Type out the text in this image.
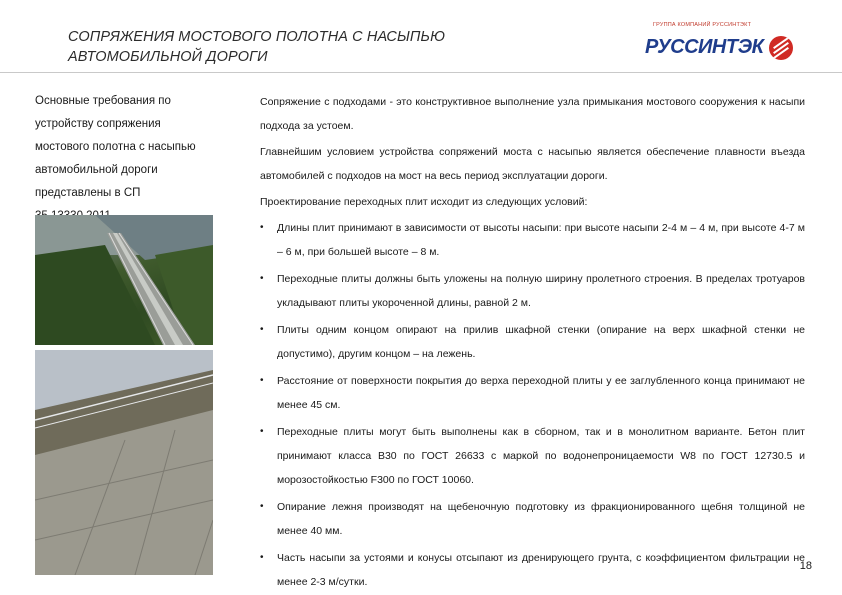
СОПРЯЖЕНИЯ МОСТОВОГО ПОЛОТНА С НАСЫПЬЮ
АВТОМОБИЛЬНОЙ ДОРОГИ
ГРУППА КОМПАНИЙ РУССИНТЭКТ
РУССИНТЭК

Основные требования по

устройству сопряжения

мостового полотна с насыпью

автомобильной дороги

представлены в СП

Сопряжение с подходами - это конструктивное выполнение узла примыкания мостового сооружения к насыпи подхода за устоем.

Главнейшим условием устройства сопряжений моста с насыпью является обеспечение плавности въезда автомобилей с подходов на мост на весь период эксплуатации дороги.

Проектирование переходных плит исходит из следующих условий:

• Длины плит принимают в зависимости от высоты насыпи: при высоте насыпи 2-4 м – 4 м, при высоте 4-7 м – 6 м, при большей высоте – 8 м.
• Переходные плиты должны быть уложены на полную ширину пролетного строения. В пределах тротуаров укладывают плиты укороченной длины, равной 2 м.
• Плиты одним концом опирают на прилив шкафной стенки (опирание на верх шкафной стенки не допустимо), другим концом – на лежень.
• Расстояние от поверхности покрытия до верха переходной плиты у ее заглубленного конца принимают не менее 45 см.
• Переходные плиты могут быть выполнены как в сборном, так и в монолитном варианте. Бетон плит принимают класса В30 по ГОСТ 26633 с маркой по водонепроницаемости W8 по ГОСТ 12730.5 и морозостойкостью F300 по ГОСТ 10060.
• Опирание лежня производят на щебеночную подготовку из фракционированного щебня толщиной не менее 40 мм.
• Часть насыпи за устоями и конусы отсыпают из дренирующего грунта, с коэффициентом фильтрации не менее 2-3 м/сутки.
18
